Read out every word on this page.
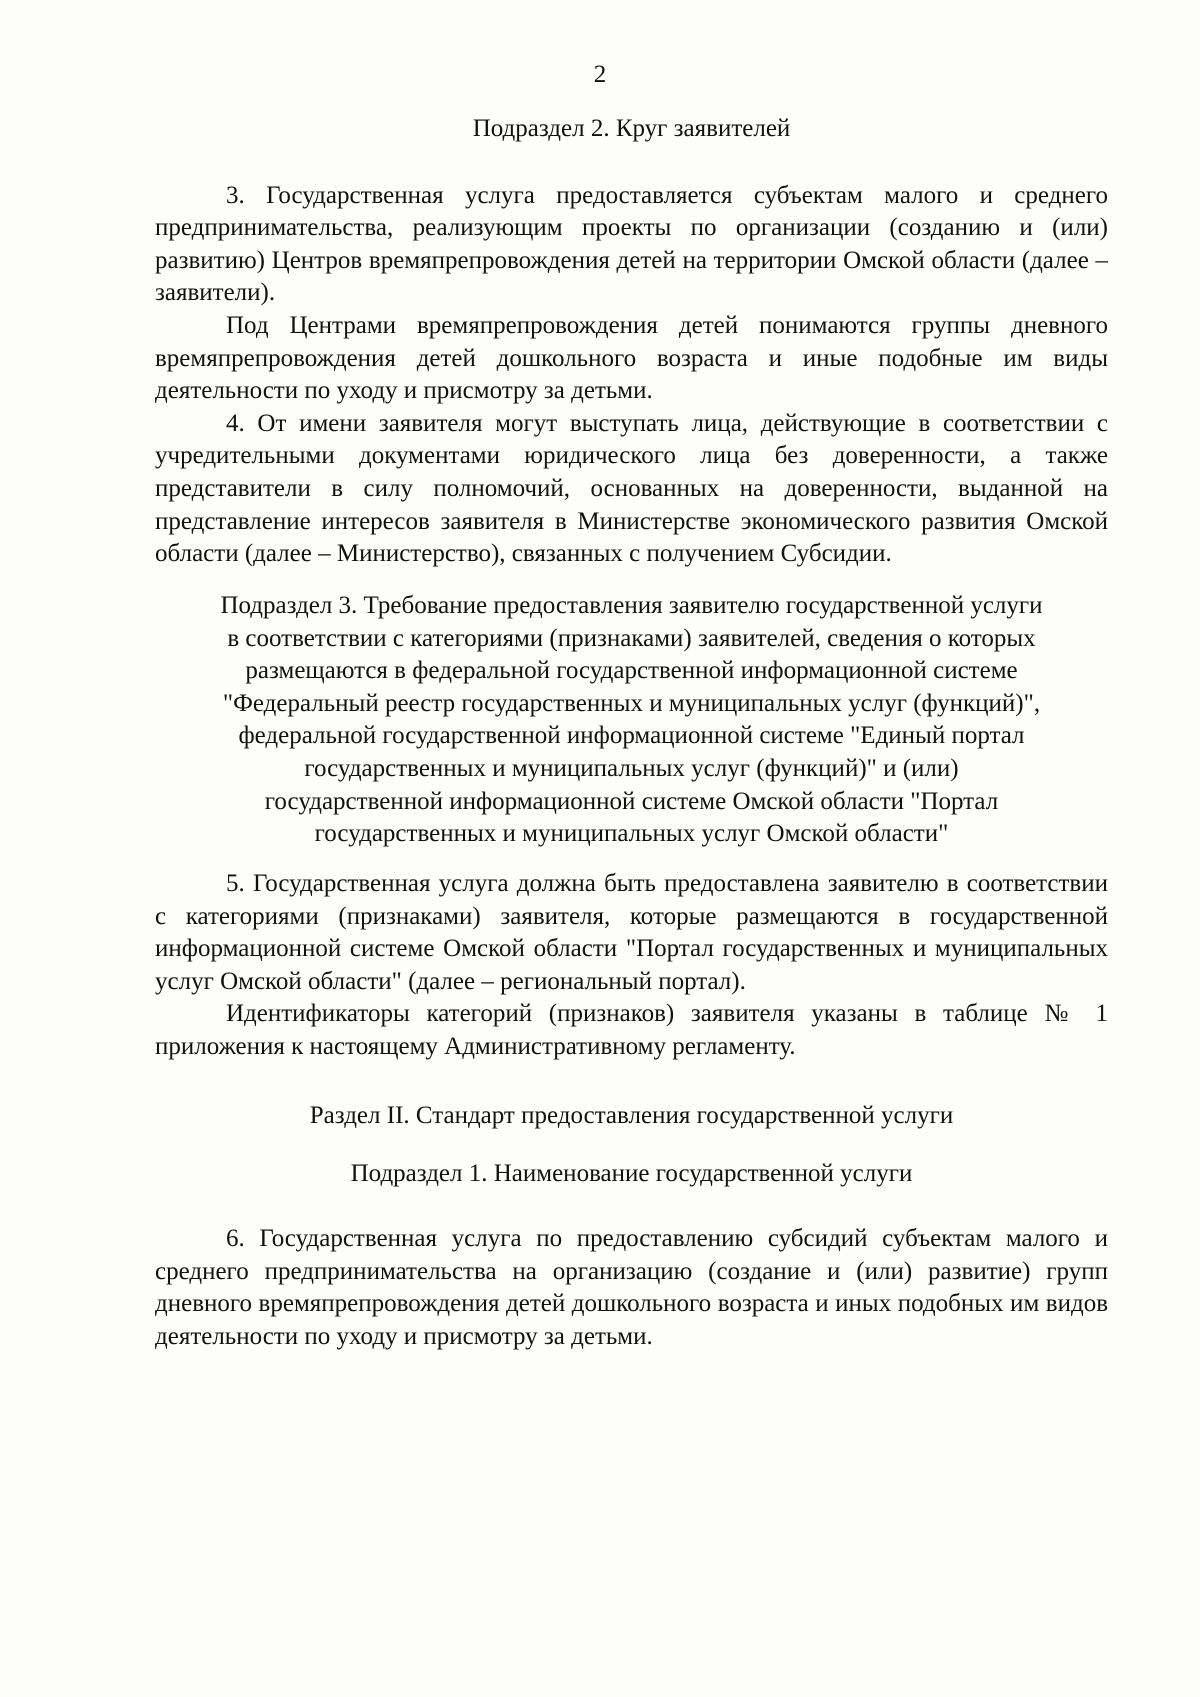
2
Подраздел 2. Круг заявителей

3. Государственная услуга предоставляется субъектам малого и среднего предпринимательства, реализующим проекты по организации (созданию и (или) развитию) Центров времяпрепровождения детей на территории Омской области (далее – заявители).

Под Центрами времяпрепровождения детей понимаются группы дневного времяпрепровождения детей дошкольного возраста и иные подобные им виды деятельности по уходу и присмотру за детьми.

4. От имени заявителя могут выступать лица, действующие в соответствии с учредительными документами юридического лица без доверенности, а также представители в силу полномочий, основанных на доверенности, выданной на представление интересов заявителя в Министерстве экономического развития Омской области (далее – Министерство), связанных с получением Субсидии.

Подраздел 3. Требование предоставления заявителю государственной услуги
в соответствии с категориями (признаками) заявителей, сведения о которых
размещаются в федеральной государственной информационной системе
"Федеральный реестр государственных и муниципальных услуг (функций)",
федеральной государственной информационной системе "Единый портал
государственных и муниципальных услуг (функций)" и (или)
государственной информационной системе Омской области "Портал
государственных и муниципальных услуг Омской области"

5. Государственная услуга должна быть предоставлена заявителю в соответствии с категориями (признаками) заявителя, которые размещаются в государственной информационной системе Омской области "Портал государственных и муниципальных услуг Омской области" (далее – региональный портал).

Идентификаторы категорий (признаков) заявителя указаны в таблице № 1 приложения к настоящему Административному регламенту.

Раздел II. Стандарт предоставления государственной услуги
Подраздел 1. Наименование государственной услуги

6. Государственная услуга по предоставлению субсидий субъектам малого и среднего предпринимательства на организацию (создание и (или) развитие) групп дневного времяпрепровождения детей дошкольного возраста и иных подобных им видов деятельности по уходу и присмотру за детьми.
